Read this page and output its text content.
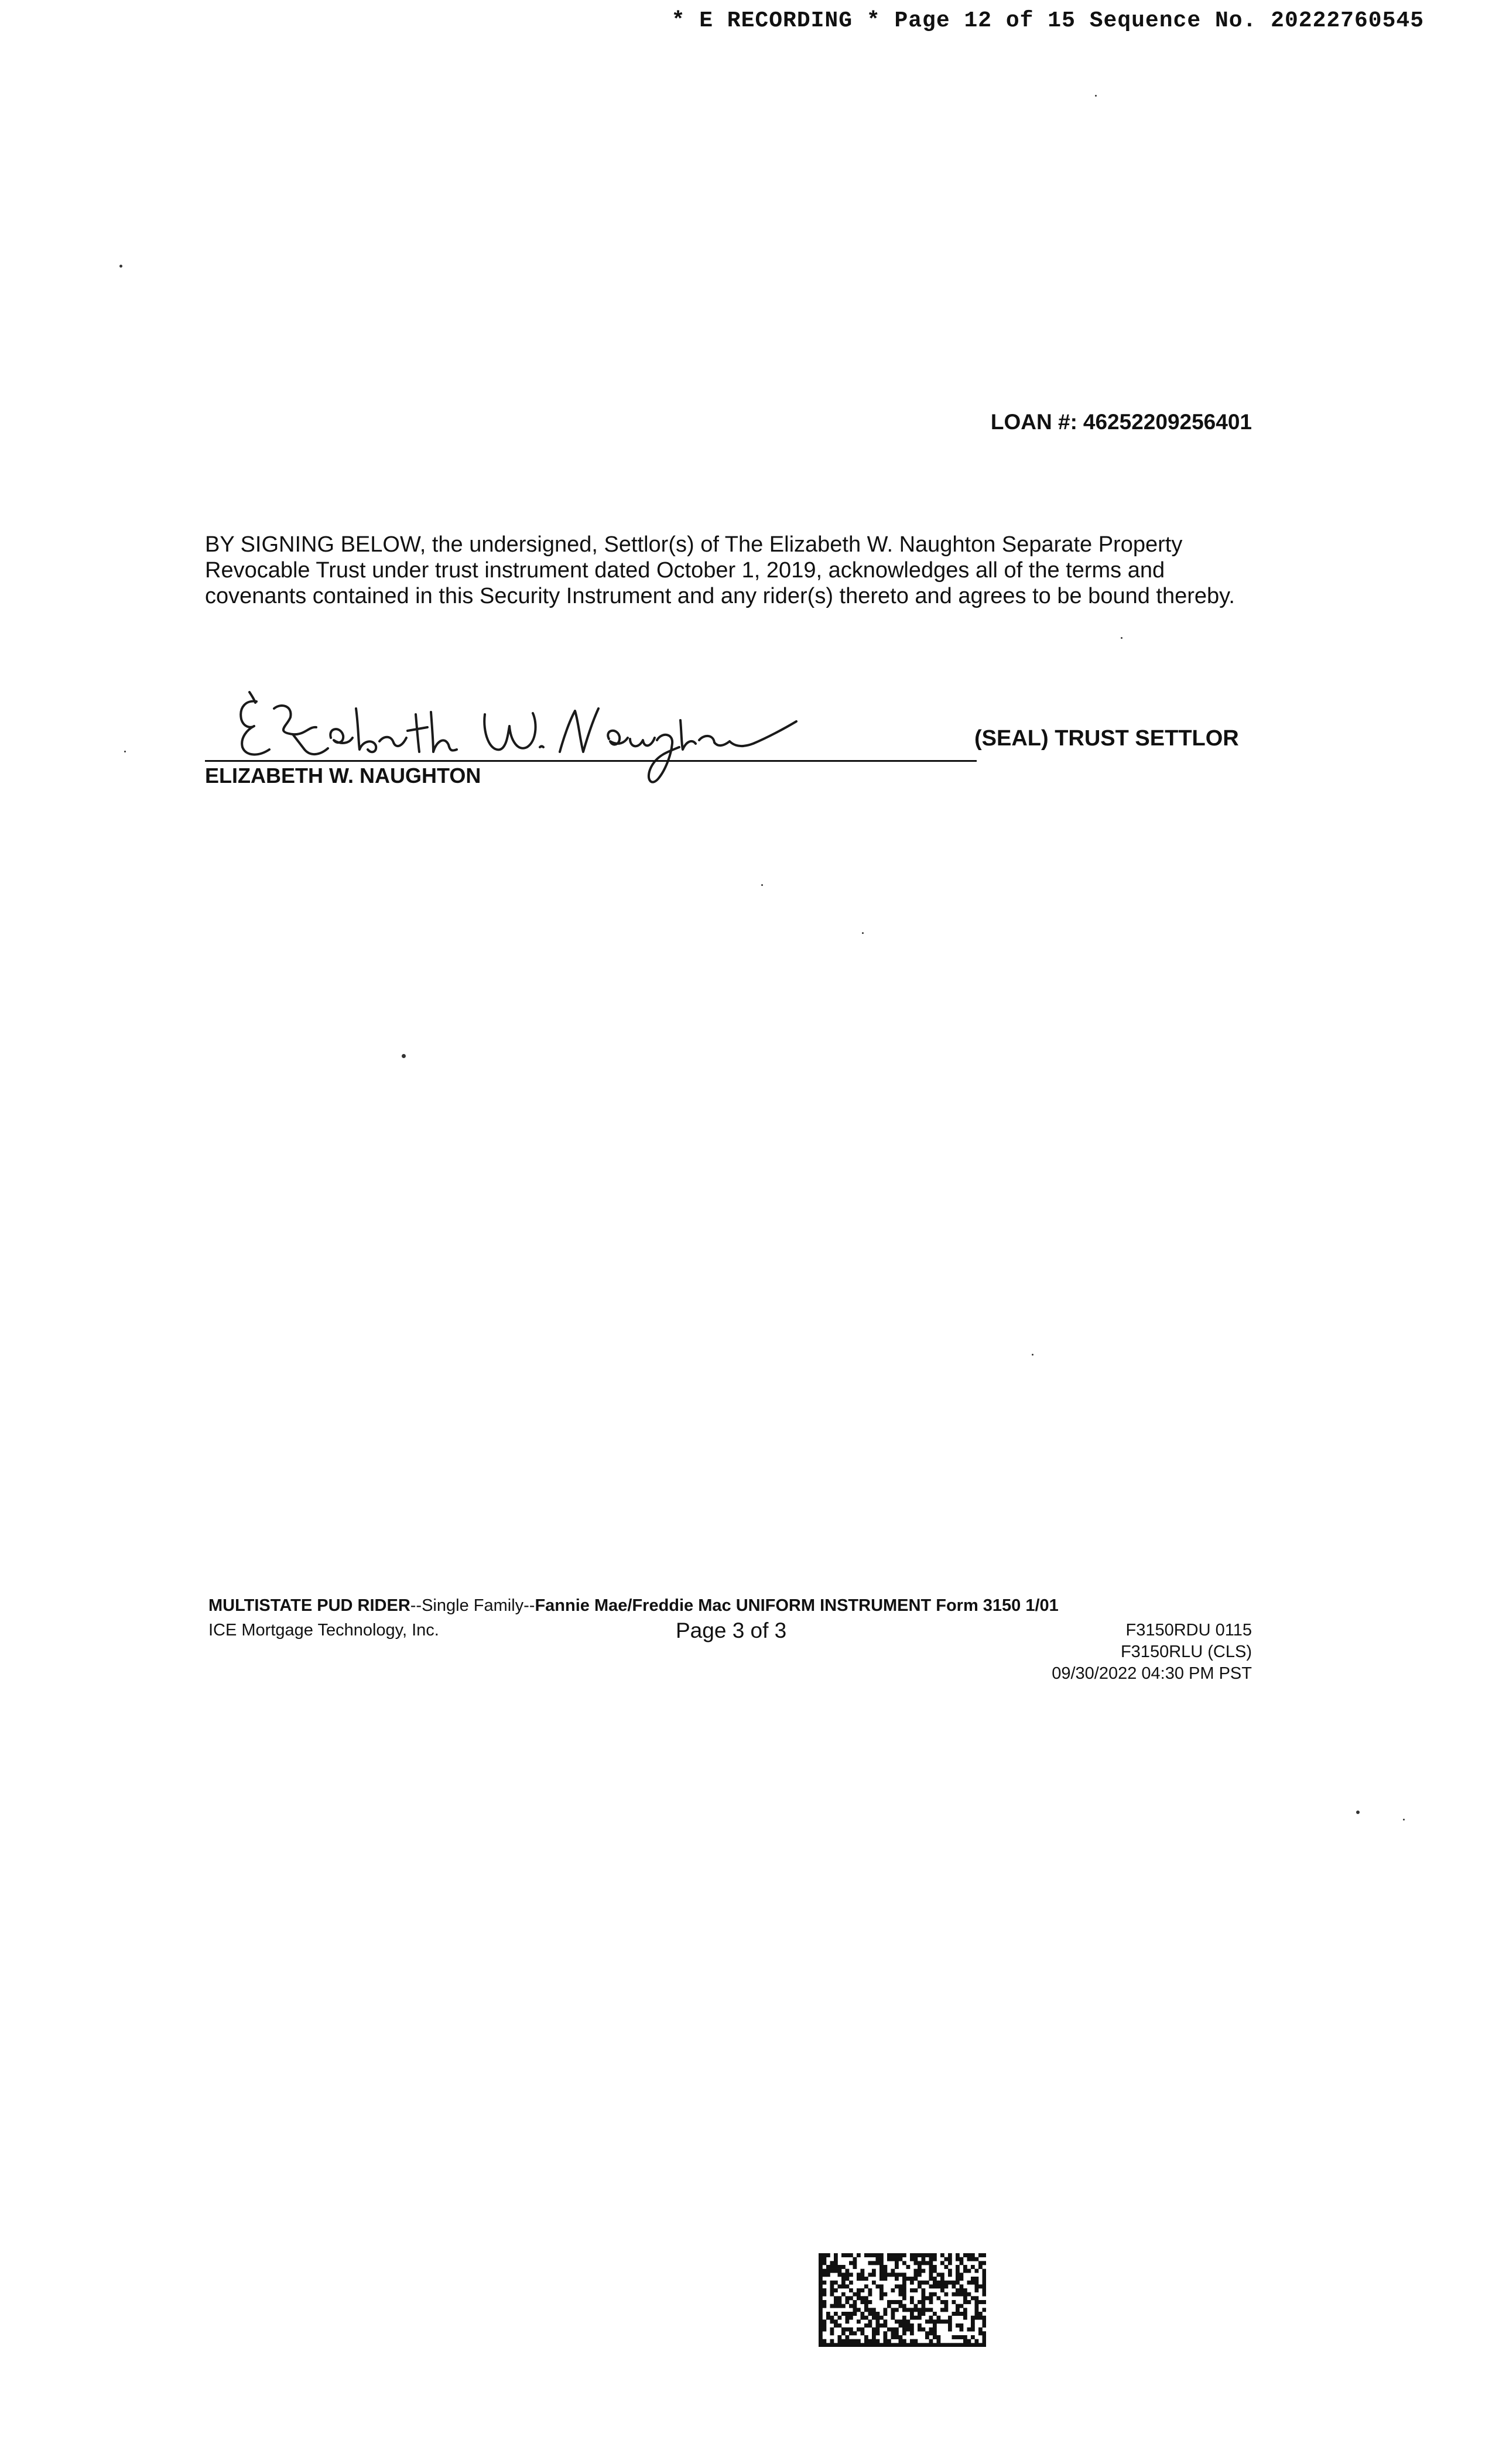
* E RECORDING * Page 12 of 15 Sequence No. 20222760545
LOAN #: 46252209256401
BY SIGNING BELOW, the undersigned, Settlor(s) of The Elizabeth W. Naughton Separate Property Revocable Trust under trust instrument dated October 1, 2019, acknowledges all of the terms and covenants contained in this Security Instrument and any rider(s) thereto and agrees to be bound thereby.
ELIZABETH W. NAUGHTON
(SEAL) TRUST SETTLOR
MULTISTATE PUD RIDER--Single Family--Fannie Mae/Freddie Mac UNIFORM INSTRUMENT Form 3150 1/01
ICE Mortgage Technology, Inc.	Page 3 of 3	F3150RDU 0115
F3150RLU (CLS)
09/30/2022 04:30 PM PST
